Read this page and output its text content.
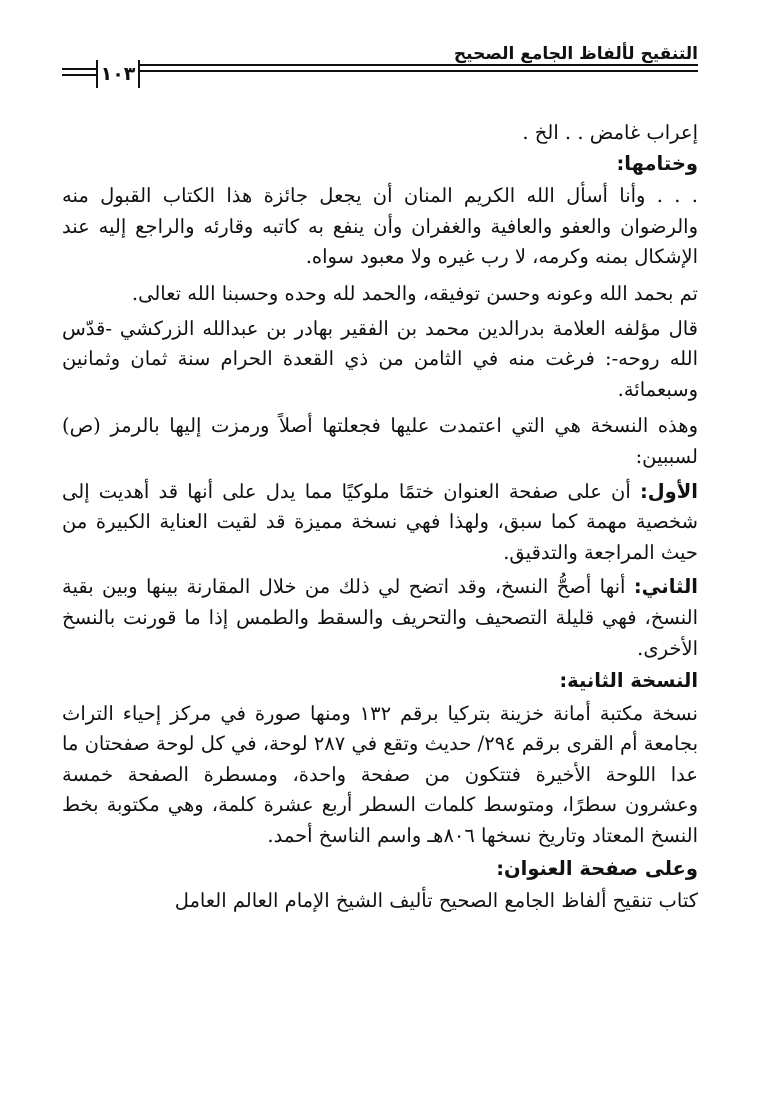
التنقيح لألفاظ الجامع الصحيح
١٠٣

إعراب غامض . . الخ .

وختامها:

. . . وأنا أسأل الله الكريم المنان أن يجعل جائزة هذا الكتاب القبول منه والرضوان والعفو والعافية والغفران وأن ينفع به كاتبه وقارئه والراجع إليه عند الإشكال بمنه وكرمه، لا رب غيره ولا معبود سواه.

تم بحمد الله وعونه وحسن توفيقه، والحمد لله وحده وحسبنا الله تعالى.

قال مؤلفه العلامة بدرالدين محمد بن الفقير بهادر بن عبدالله الزركشي -قدّس الله روحه-: فرغت منه في الثامن من ذي القعدة الحرام سنة ثمان وثمانين وسبعمائة.

وهذه النسخة هي التي اعتمدت عليها فجعلتها أصلاً ورمزت إليها بالرمز (ص) لسببين:

الأول: أن على صفحة العنوان ختمًا ملوكيًا مما يدل على أنها قد أهديت إلى شخصية مهمة كما سبق، ولهذا فهي نسخة مميزة قد لقيت العناية الكبيرة من حيث المراجعة والتدقيق.

الثاني: أنها أصحُّ النسخ، وقد اتضح لي ذلك من خلال المقارنة بينها وبين بقية النسخ، فهي قليلة التصحيف والتحريف والسقط والطمس إذا ما قورنت بالنسخ الأخرى.

النسخة الثانية:

نسخة مكتبة أمانة خزينة بتركيا برقم ١٣٢ ومنها صورة في مركز إحياء التراث بجامعة أم القرى برقم ٢٩٤/ حديث وتقع في ٢٨٧ لوحة، في كل لوحة صفحتان ما عدا اللوحة الأخيرة فتتكون من صفحة واحدة، ومسطرة الصفحة خمسة وعشرون سطرًا، ومتوسط كلمات السطر أربع عشرة كلمة، وهي مكتوبة بخط النسخ المعتاد وتاريخ نسخها ٨٠٦هـ واسم الناسخ أحمد.

وعلى صفحة العنوان:

كتاب تنقيح ألفاظ الجامع الصحيح تأليف الشيخ الإمام العالم العامل
